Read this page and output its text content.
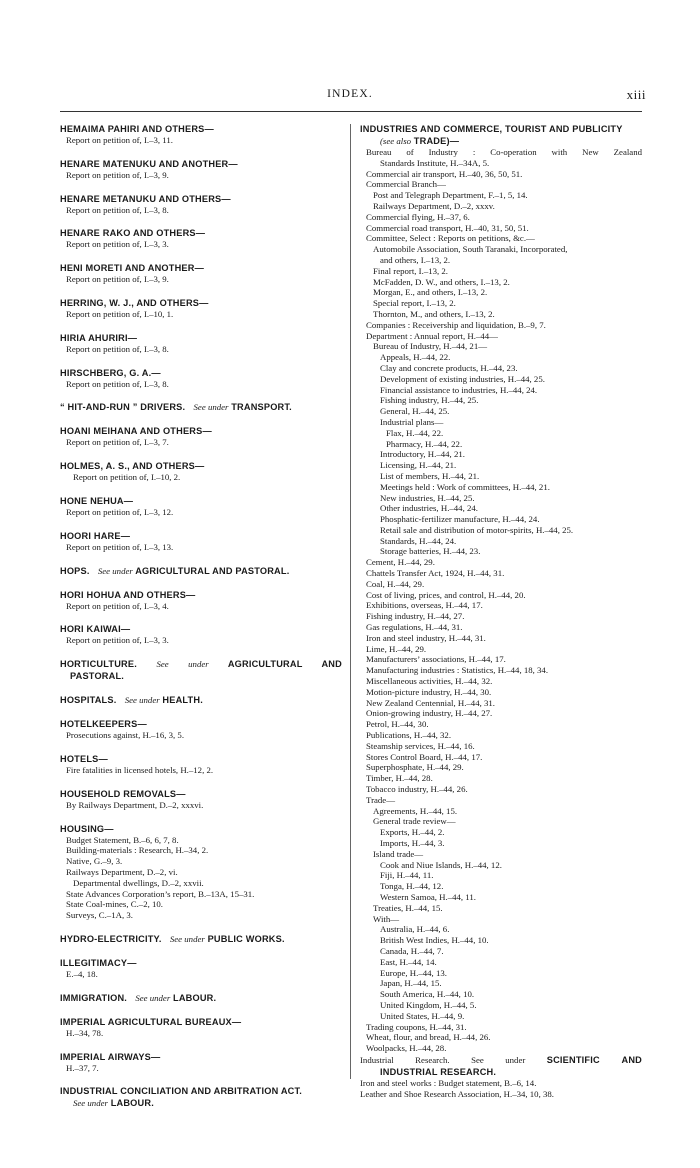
INDEX.	xiii
HEMAIMA PAHIRI AND OTHERS—
Report on petition of, I.–3, 11.
HENARE MATENUKU AND ANOTHER—
Report on petition of, I.–3, 9.
HENARE METANUKU AND OTHERS—
Report on petition of, I.–3, 8.
HENARE RAKO AND OTHERS—
Report on petition of, I.–3, 3.
HENI MORETI AND ANOTHER—
Report on petition of, I.–3, 9.
HERRING, W. J., AND OTHERS—
Report on petition of, I.–10, 1.
HIRIA AHURIRI—
Report on petition of, I.–3, 8.
HIRSCHBERG, G. A.—
Report on petition of, I.–3, 8.
“ HIT-AND-RUN ” DRIVERS. See under TRANSPORT.
HOANI MEIHANA AND OTHERS—
Report on petition of, I.–3, 7.
HOLMES, A. S., AND OTHERS—
Report on petition of, I.–10, 2.
HONE NEHUA—
Report on petition of, I.–3, 12.
HOORI HARE—
Report on petition of, I.–3, 13.
HOPS. See under AGRICULTURAL AND PASTORAL.
HORI HOHUA AND OTHERS—
Report on petition of, I.–3, 4.
HORI KAIWAI—
Report on petition of, I.–3, 3.
HORTICULTURE. See under AGRICULTURAL AND
PASTORAL.
HOSPITALS. See under HEALTH.
HOTELKEEPERS—
Prosecutions against, H.–16, 3, 5.
HOTELS—
Fire fatalities in licensed hotels, H.–12, 2.
HOUSEHOLD REMOVALS—
By Railways Department, D.–2, xxxvi.
HOUSING—
Budget Statement, B.–6, 6, 7, 8.
Building-materials : Research, H.–34, 2.
Native, G.–9, 3.
Railways Department, D.–2, vi.
Departmental dwellings, D.–2, xxvii.
State Advances Corporation’s report, B.–13A, 15–31.
State Coal-mines, C.–2, 10.
Surveys, C.–1A, 3.
HYDRO-ELECTRICITY. See under PUBLIC WORKS.
ILLEGITIMACY—
E.–4, 18.
IMMIGRATION. See under LABOUR.
IMPERIAL AGRICULTURAL BUREAUX—
H.–34, 78.
IMPERIAL AIRWAYS—
H.–37, 7.
INDUSTRIAL CONCILIATION AND ARBITRATION ACT.
See under LABOUR.
INDUSTRIES AND COMMERCE, TOURIST AND PUBLICITY
(see also TRADE)—
Bureau of Industry : Co-operation with New Zealand
Standards Institute, H.–34A, 5.
Commercial air transport, H.–40, 36, 50, 51.
Commercial Branch—
Post and Telegraph Department, F.–1, 5, 14.
Railways Department, D.–2, xxxv.
Commercial flying, H.–37, 6.
Commercial road transport, H.–40, 31, 50, 51.
Committee, Select : Reports on petitions, &c.—
Automobile Association, South Taranaki, Incorporated,
and others, I.–13, 2.
Final report, I.–13, 2.
McFadden, D. W., and others, I.–13, 2.
Morgan, E., and others, I.–13, 2.
Special report, I.–13, 2.
Thornton, M., and others, I.–13, 2.
Companies : Receivership and liquidation, B.–9, 7.
Department : Annual report, H.–44—
Bureau of Industry, H.–44, 21—
Appeals, H.–44, 22.
Clay and concrete products, H.–44, 23.
Development of existing industries, H.–44, 25.
Financial assistance to industries, H.–44, 24.
Fishing industry, H.–44, 25.
General, H.–44, 25.
Industrial plans—
Flax, H.–44, 22.
Pharmacy, H.–44, 22.
Introductory, H.–44, 21.
Licensing, H.–44, 21.
List of members, H.–44, 21.
Meetings held : Work of committees, H.–44, 21.
New industries, H.–44, 25.
Other industries, H.–44, 24.
Phosphatic-fertilizer manufacture, H.–44, 24.
Retail sale and distribution of motor-spirits, H.–44, 25.
Standards, H.–44, 24.
Storage batteries, H.–44, 23.
Cement, H.–44, 29.
Chattels Transfer Act, 1924, H.–44, 31.
Coal, H.–44, 29.
Cost of living, prices, and control, H.–44, 20.
Exhibitions, overseas, H.–44, 17.
Fishing industry, H.–44, 27.
Gas regulations, H.–44, 31.
Iron and steel industry, H.–44, 31.
Lime, H.–44, 29.
Manufacturers’ associations, H.–44, 17.
Manufacturing industries : Statistics, H.–44, 18, 34.
Miscellaneous activities, H.–44, 32.
Motion-picture industry, H.–44, 30.
New Zealand Centennial, H.–44, 31.
Onion-growing industry, H.–44, 27.
Petrol, H.–44, 30.
Publications, H.–44, 32.
Steamship services, H.–44, 16.
Stores Control Board, H.–44, 17.
Superphosphate, H.–44, 29.
Timber, H.–44, 28.
Tobacco industry, H.–44, 26.
Trade—
Agreements, H.–44, 15.
General trade review—
Exports, H.–44, 2.
Imports, H.–44, 3.
Island trade—
Cook and Niue Islands, H.–44, 12.
Fiji, H.–44, 11.
Tonga, H.–44, 12.
Western Samoa, H.–44, 11.
Treaties, H.–44, 15.
With—
Australia, H.–44, 6.
British West Indies, H.–44, 10.
Canada, H.–44, 7.
East, H.–44, 14.
Europe, H.–44, 13.
Japan, H.–44, 15.
South America, H.–44, 10.
United Kingdom, H.–44, 5.
United States, H.–44, 9.
Trading coupons, H.–44, 31.
Wheat, flour, and bread, H.–44, 26.
Woolpacks, H.–44, 28.
Industrial Research. See under SCIENTIFIC AND
INDUSTRIAL RESEARCH.
Iron and steel works : Budget statement, B.–6, 14.
Leather and Shoe Research Association, H.–34, 10, 38.
